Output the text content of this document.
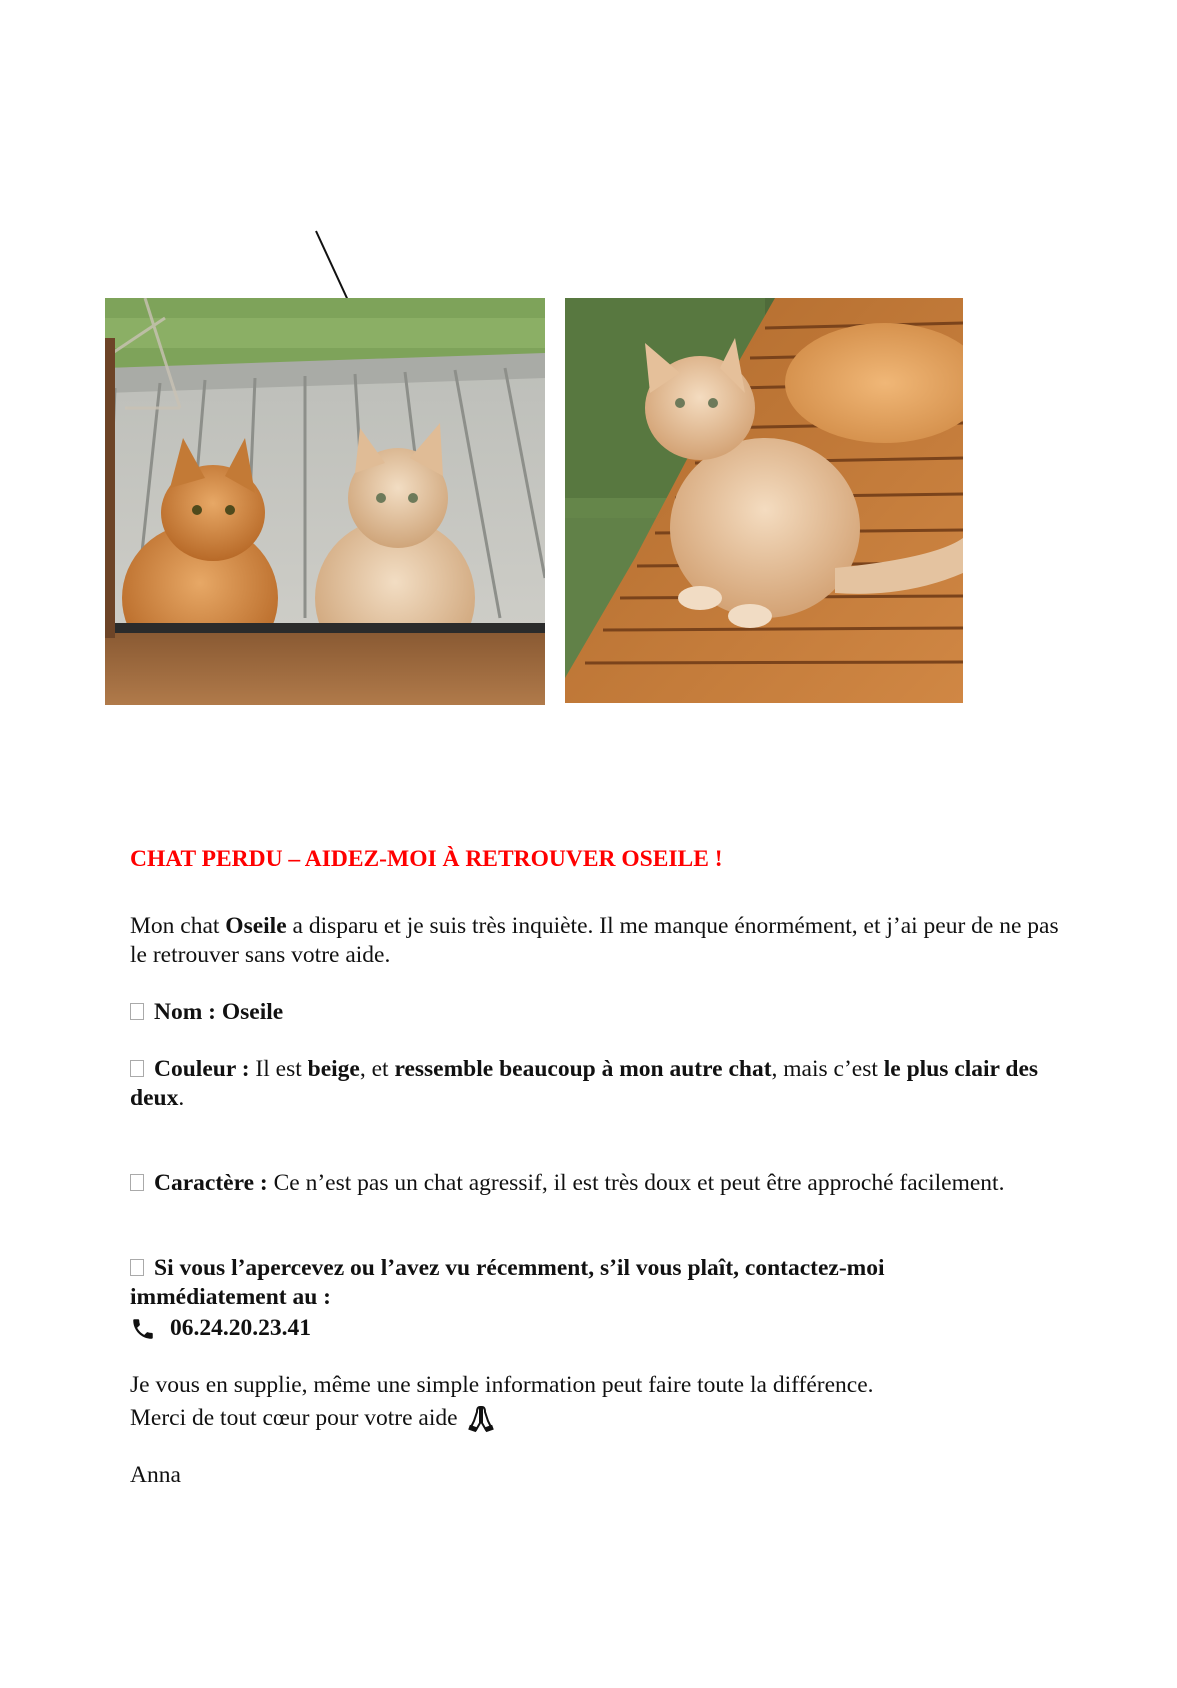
CHAT PERDU – AIDEZ-MOI À RETROUVER OSEILE !

Mon chat Oseile a disparu et je suis très inquiète. Il me manque énormément, et j’ai peur de ne pas le retrouver sans votre aide.

Nom : Oseile

Couleur : Il est beige, et ressemble beaucoup à mon autre chat, mais c’est le plus clair des deux.

Caractère : Ce n’est pas un chat agressif, il est très doux et peut être approché facilement.

Si vous l’apercevez ou l’avez vu récemment, s’il vous plaît, contactez-moi immédiatement au :

06.24.20.23.41

Je vous en supplie, même une simple information peut faire toute la différence.

Merci de tout cœur pour votre aide

Anna
